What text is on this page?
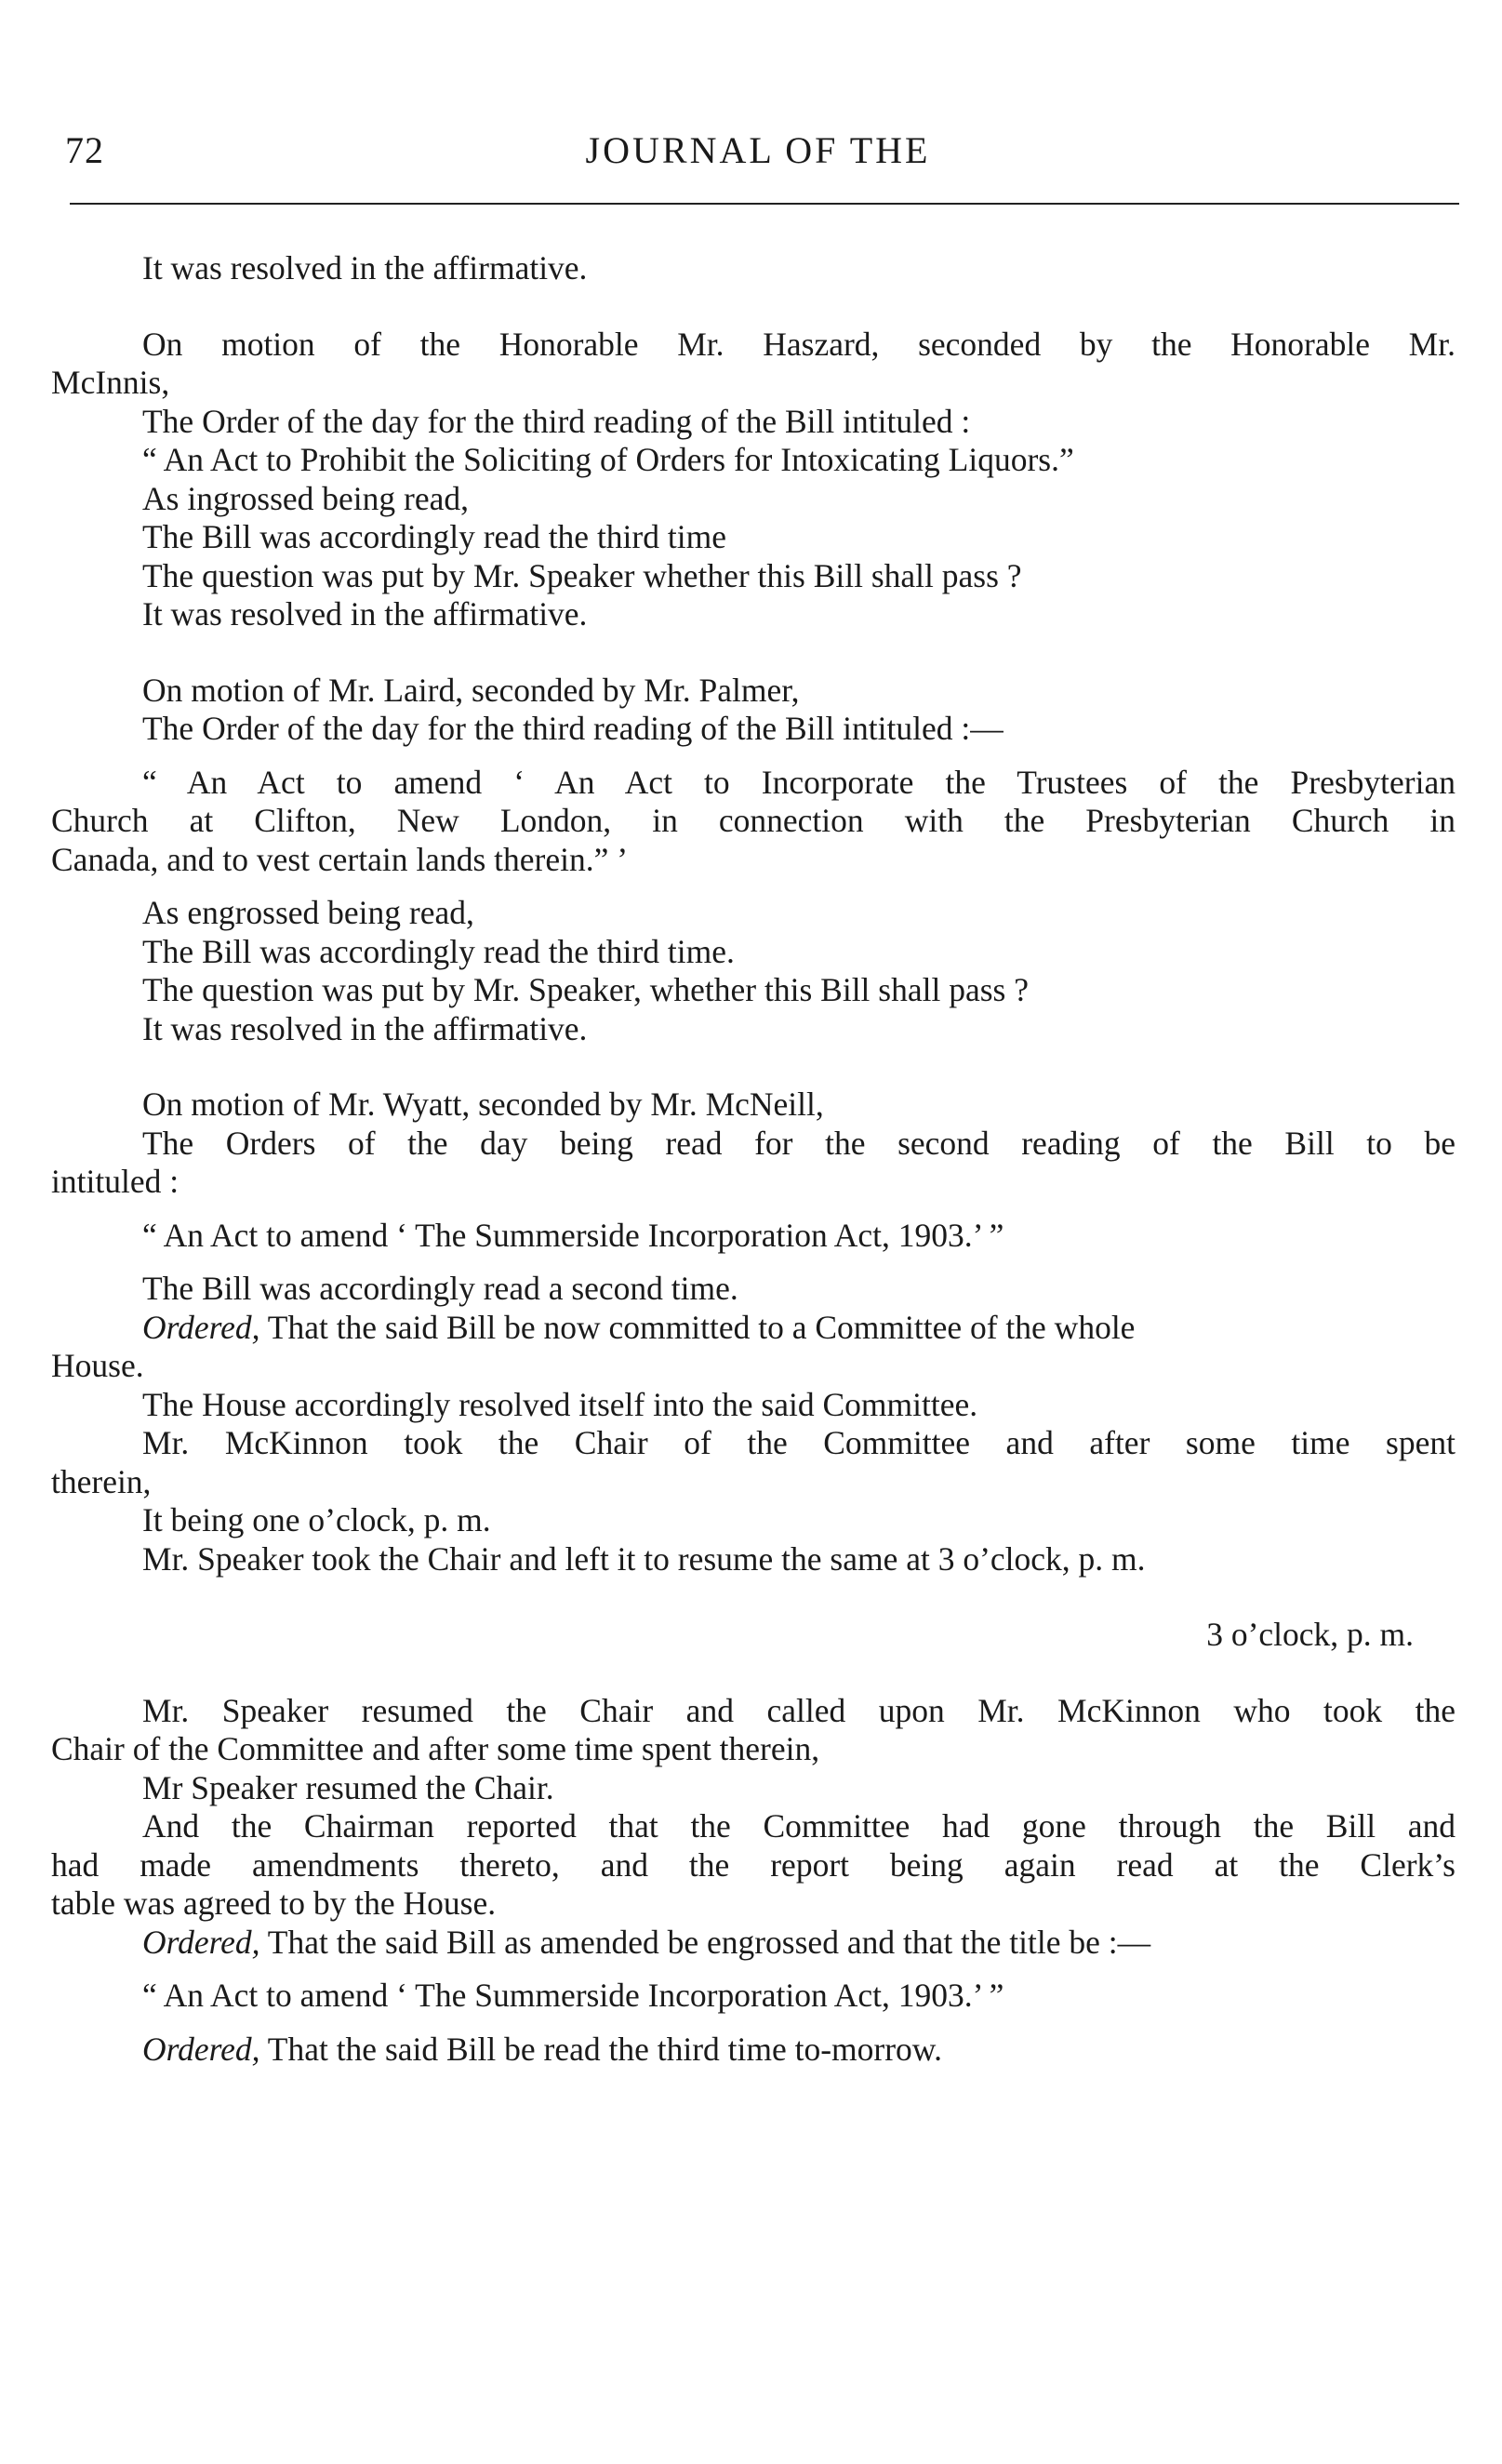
72	JOURNAL OF THE
It was resolved in the affirmative.
On motion of the Honorable Mr. Haszard, seconded by the Honorable Mr.
McInnis,
The Order of the day for the third reading of the Bill intituled :
“ An Act to Prohibit the Soliciting of Orders for Intoxicating Liquors.”
As ingrossed being read,
The Bill was accordingly read the third time
The question was put by Mr. Speaker whether this Bill shall pass ?
It was resolved in the affirmative.
On motion of Mr. Laird, seconded by Mr. Palmer,
The Order of the day for the third reading of the Bill intituled :—
“ An Act to amend ‘ An Act to Incorporate the Trustees of the Presbyterian
Church at Clifton, New London, in connection with the Presbyterian Church in
Canada, and to vest certain lands therein.” ’
As engrossed being read,
The Bill was accordingly read the third time.
The question was put by Mr. Speaker, whether this Bill shall pass ?
It was resolved in the affirmative.
On motion of Mr. Wyatt, seconded by Mr. McNeill,
The Orders of the day being read for the second reading of the Bill to be
intituled :
“ An Act to amend ‘ The Summerside Incorporation Act, 1903.’ ”
The Bill was accordingly read a second time.
Ordered, That the said Bill be now committed to a Committee of the whole
House.
The House accordingly resolved itself into the said Committee.
Mr. McKinnon took the Chair of the Committee and after some time spent
therein,
It being one o’clock, p. m.
Mr. Speaker took the Chair and left it to resume the same at 3 o’clock, p. m.
3 o’clock, p. m.
Mr. Speaker resumed the Chair and called upon Mr. McKinnon who took the
Chair of the Committee and after some time spent therein,
Mr Speaker resumed the Chair.
And the Chairman reported that the Committee had gone through the Bill and
had made amendments thereto, and the report being again read at the Clerk’s
table was agreed to by the House.
Ordered, That the said Bill as amended be engrossed and that the title be :—
“ An Act to amend ‘ The Summerside Incorporation Act, 1903.’ ”
Ordered, That the said Bill be read the third time to-morrow.
